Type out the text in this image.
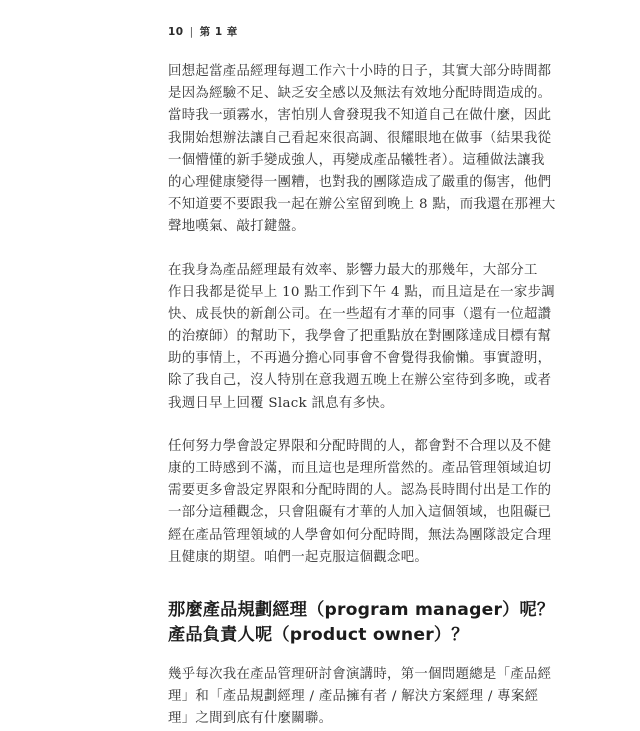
10 | 第 1 章

回想起當產品經理每週工作六十小時的日子，其實大部分時間都
是因為經驗不足、缺乏安全感以及無法有效地分配時間造成的。
當時我一頭霧水，害怕別人會發現我不知道自己在做什麼，因此
我開始想辦法讓自己看起來很高調、很耀眼地在做事（結果我從
一個懵懂的新手變成強人，再變成產品犧牲者）。這種做法讓我
的心理健康變得一團糟，也對我的團隊造成了嚴重的傷害，他們
不知道要不要跟我一起在辦公室留到晚上 8 點，而我還在那裡大
聲地嘆氣、敲打鍵盤。

在我身為產品經理最有效率、影響力最大的那幾年，大部分工
作日我都是從早上 10 點工作到下午 4 點，而且這是在一家步調
快、成長快的新創公司。在一些超有才華的同事（還有一位超讚
的治療師）的幫助下，我學會了把重點放在對團隊達成目標有幫
助的事情上，不再過分擔心同事會不會覺得我偷懶。事實證明，
除了我自己，沒人特別在意我週五晚上在辦公室待到多晚，或者
我週日早上回覆 Slack 訊息有多快。

任何努力學會設定界限和分配時間的人，都會對不合理以及不健
康的工時感到不滿，而且這也是理所當然的。產品管理領域迫切
需要更多會設定界限和分配時間的人。認為長時間付出是工作的
一部分這種觀念，只會阻礙有才華的人加入這個領域，也阻礙已
經在產品管理領域的人學會如何分配時間，無法為團隊設定合理
且健康的期望。咱們一起克服這個觀念吧。

那麼產品規劃經理（program manager）呢？
產品負責人呢（product owner）？

幾乎每次我在產品管理研討會演講時，第一個問題總是「產品經
理」和「產品規劃經理 / 產品擁有者 / 解決方案經理 / 專案經
理」之間到底有什麼關聯。
